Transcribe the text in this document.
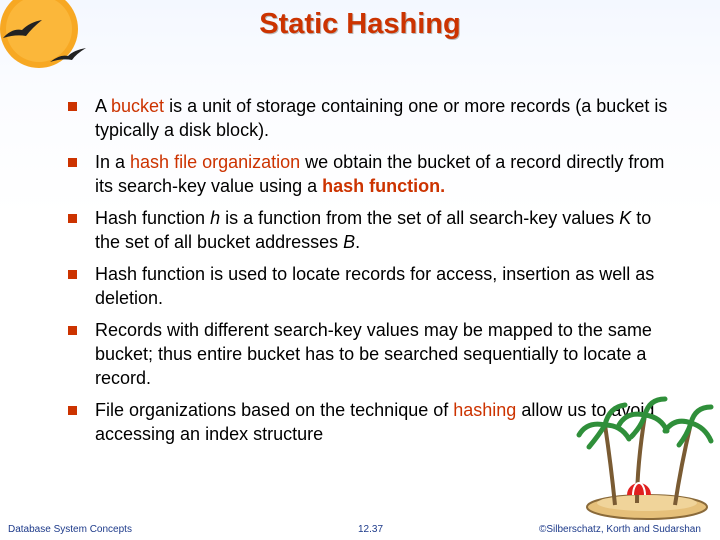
Static Hashing
A bucket is a unit of storage containing one or more records (a bucket is typically a disk block).
In a hash file organization we obtain the bucket of a record directly from its search-key value using a hash function.
Hash function h is a function from the set of all search-key values K to the set of all bucket addresses B.
Hash function is used to locate records for access, insertion as well as deletion.
Records with different search-key values may be mapped to the same bucket; thus entire bucket has to be searched sequentially to locate a record.
File organizations based on the technique of hashing allow us to avoid accessing an index structure
Database System Concepts	12.37	©Silberschatz, Korth and Sudarshan
